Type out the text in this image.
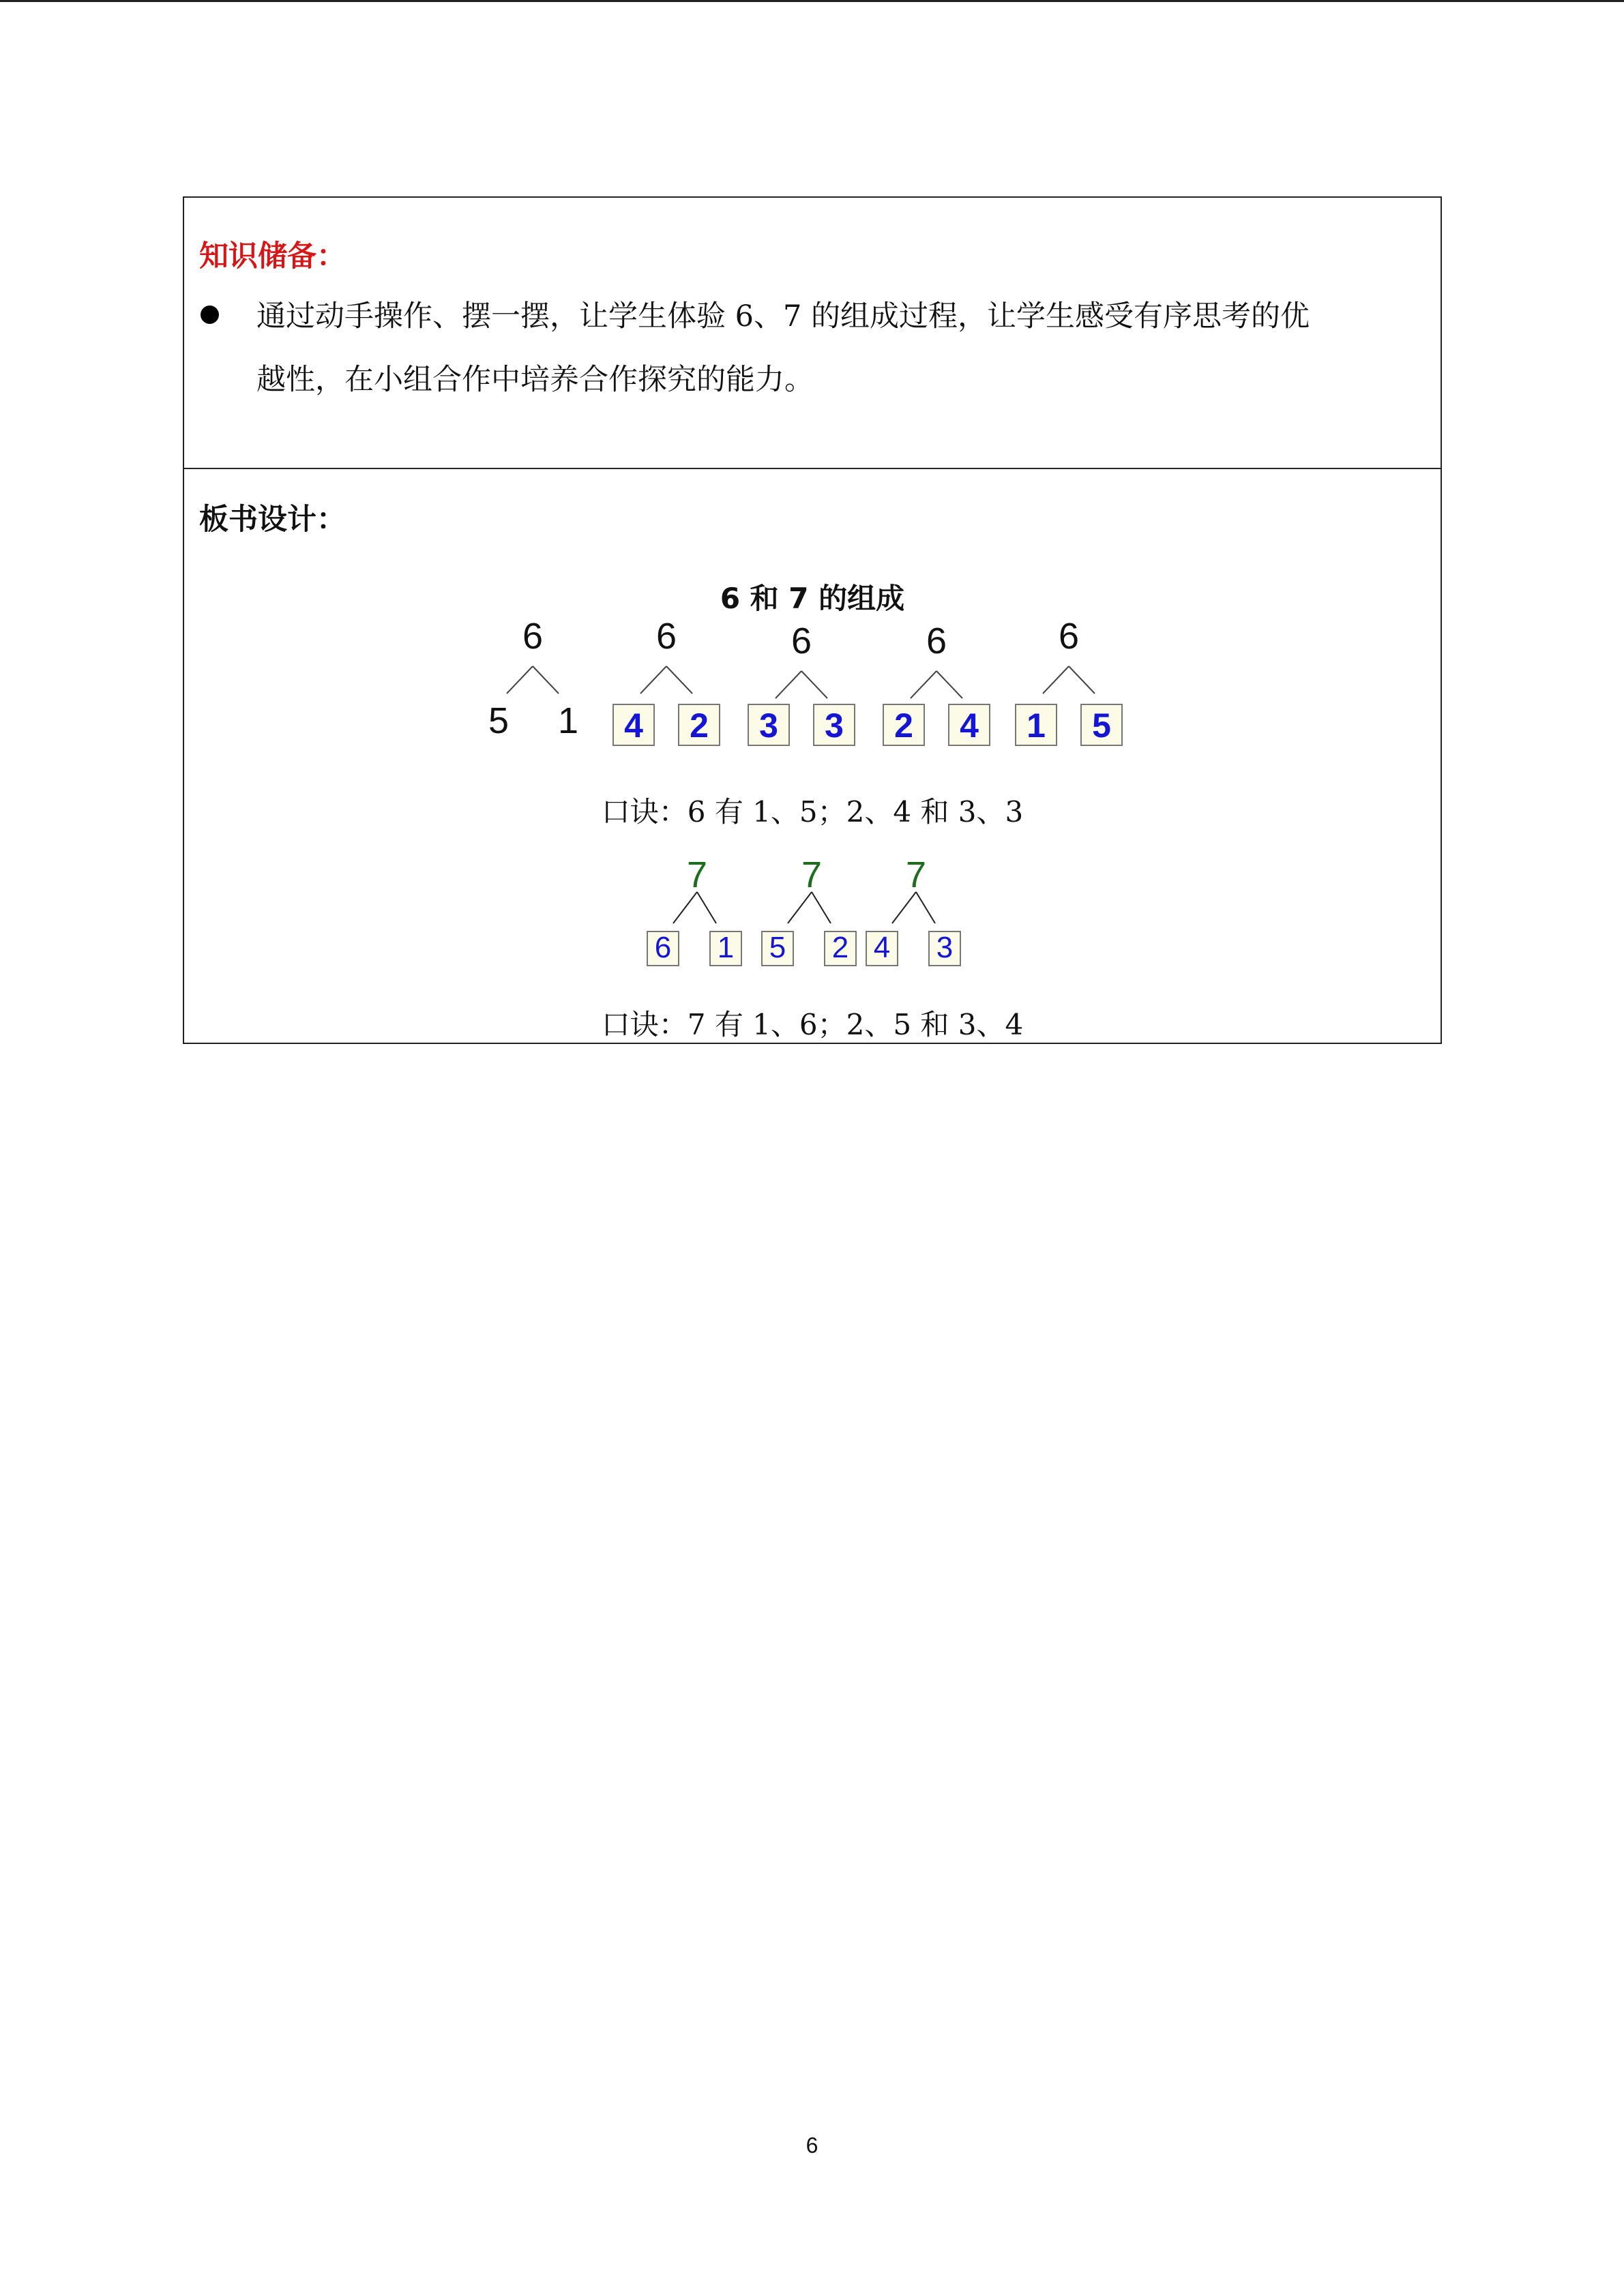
知识储备：
通过动手操作、摆一摆，让学生体验 6、7 的组成过程，让学生感受有序思考的优
越性，在小组合作中培养合作探究的能力。
板书设计：
6 和 7 的组成
6
5 1
6
4 2
6
3 3
6
2 4
6
1 5
7
6 1
7
5 2
7
4 3
口诀：6 有 1、5；2、4 和 3、3
口诀：7 有 1、6；2、5 和 3、4
6
